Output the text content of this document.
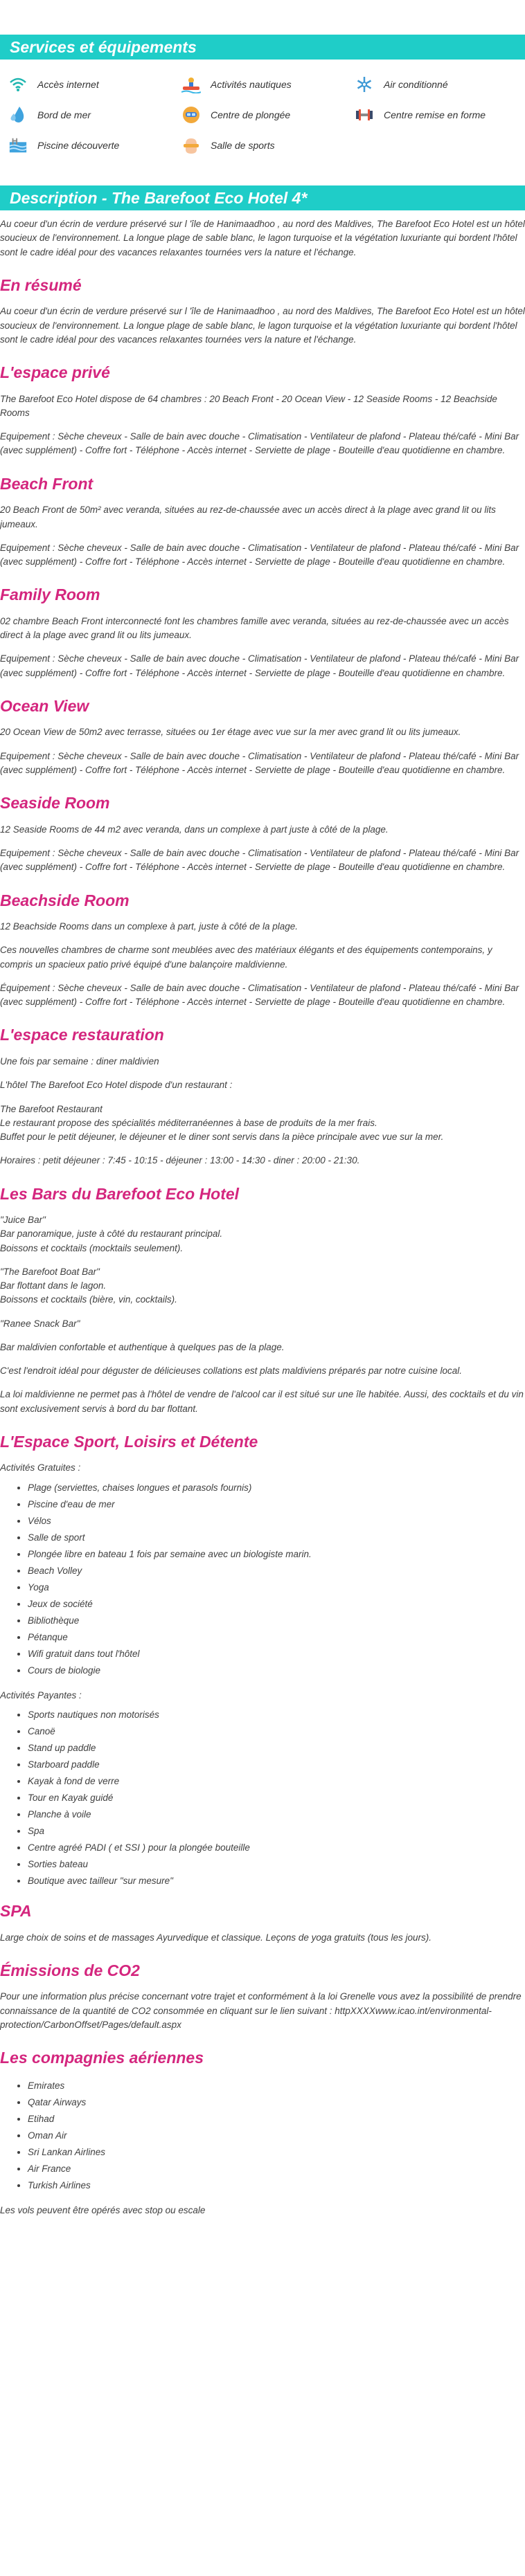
Services et équipements
Accès internet	Activités nautiques	Air conditionné
Bord de mer	Centre de plongée	Centre remise en forme
Piscine découverte	Salle de sports
Description - The Barefoot Eco Hotel 4*

Au coeur d'un écrin de verdure préservé sur l 'île de Hanimaadhoo , au nord des Maldives, The Barefoot Eco Hotel est un hôtel soucieux de l'environnement. La longue plage de sable blanc, le lagon turquoise et la végétation luxuriante qui bordent l'hôtel sont le cadre idéal pour des vacances relaxantes tournées vers la nature et l'échange.

En résumé

Au coeur d'un écrin de verdure préservé sur l 'île de Hanimaadhoo , au nord des Maldives, The Barefoot Eco Hotel est un hôtel soucieux de l'environnement. La longue plage de sable blanc, le lagon turquoise et la végétation luxuriante qui bordent l'hôtel sont le cadre idéal pour des vacances relaxantes tournées vers la nature et l'échange.

L'espace privé

The Barefoot Eco Hotel dispose de 64 chambres : 20 Beach Front - 20 Ocean View - 12 Seaside Rooms - 12 Beachside Rooms

Equipement : Sèche cheveux - Salle de bain avec douche - Climatisation - Ventilateur de plafond - Plateau thé/café - Mini Bar (avec supplément) - Coffre fort - Téléphone - Accès internet - Serviette de plage - Bouteille d'eau quotidienne en chambre.

Beach Front

20 Beach Front de 50m² avec veranda, situées au rez-de-chaussée avec un accès direct à la plage avec grand lit ou lits jumeaux.

Equipement : Sèche cheveux - Salle de bain avec douche - Climatisation - Ventilateur de plafond - Plateau thé/café - Mini Bar (avec supplément) - Coffre fort - Téléphone - Accès internet - Serviette de plage - Bouteille d'eau quotidienne en chambre.

Family Room

02 chambre Beach Front interconnecté font les chambres famille avec veranda, situées au rez-de-chaussée avec un accès direct à la plage avec grand lit ou lits jumeaux.

Equipement : Sèche cheveux - Salle de bain avec douche - Climatisation - Ventilateur de plafond - Plateau thé/café - Mini Bar (avec supplément) - Coffre fort - Téléphone - Accès internet - Serviette de plage - Bouteille d'eau quotidienne en chambre.

Ocean View

20 Ocean View de 50m2 avec terrasse, situées ou 1er étage avec vue sur la mer avec grand lit ou lits jumeaux.

Equipement : Sèche cheveux - Salle de bain avec douche - Climatisation - Ventilateur de plafond - Plateau thé/café - Mini Bar (avec supplément) - Coffre fort - Téléphone - Accès internet - Serviette de plage - Bouteille d'eau quotidienne en chambre.

Seaside Room

12 Seaside Rooms de 44 m2 avec veranda, dans un complexe à part juste à côté de la plage.

Equipement : Sèche cheveux - Salle de bain avec douche - Climatisation - Ventilateur de plafond - Plateau thé/café - Mini Bar (avec supplément) - Coffre fort - Téléphone - Accès internet - Serviette de plage - Bouteille d'eau quotidienne en chambre.

Beachside Room

12 Beachside Rooms dans un complexe à part, juste à côté de la plage.

Ces nouvelles chambres de charme sont meublées avec des matériaux élégants et des équipements contemporains, y compris un spacieux patio privé équipé d'une balançoire maldivienne.

Équipement : Sèche cheveux - Salle de bain avec douche - Climatisation - Ventilateur de plafond - Plateau thé/café - Mini Bar (avec supplément) - Coffre fort - Téléphone - Accès internet - Serviette de plage - Bouteille d'eau quotidienne en chambre.

L'espace restauration

Une fois par semaine : diner maldivien

L'hôtel The Barefoot Eco Hotel dispode d'un restaurant :

The Barefoot Restaurant
Le restaurant propose des spécialités méditerranéennes à base de produits de la mer frais.
Buffet pour le petit déjeuner, le déjeuner et le diner sont servis dans la pièce principale avec vue sur la mer.

Horaires : petit déjeuner : 7:45 - 10:15 - déjeuner : 13:00 - 14:30 - diner : 20:00 - 21:30.

Les Bars du Barefoot Eco Hotel

"Juice Bar"
Bar panoramique, juste à côté du restaurant principal.
Boissons et cocktails (mocktails seulement).

"The Barefoot Boat Bar"
Bar flottant dans le lagon.
Boissons et cocktails (bière, vin, cocktails).

"Ranee Snack Bar"

Bar maldivien confortable et authentique à quelques pas de la plage.

C'est l'endroit idéal pour déguster de délicieuses collations est plats maldiviens préparés par notre cuisine local.

La loi maldivienne ne permet pas à l'hôtel de vendre de l'alcool car il est situé sur une île habitée. Aussi, des cocktails et du vin sont exclusivement servis à bord du bar flottant.

L'Espace Sport, Loisirs et Détente

Activités Gratuites :

• Plage (serviettes, chaises longues et parasols fournis)
• Piscine d'eau de mer
• Vélos
• Salle de sport
• Plongée libre en bateau 1 fois par semaine avec un biologiste marin.
• Beach Volley
• Yoga
• Jeux de société
• Bibliothèque
• Pétanque
• Wifi gratuit dans tout l'hôtel
• Cours de biologie

Activités Payantes :

• Sports nautiques non motorisés
• Canoë
• Stand up paddle
• Starboard paddle
• Kayak à fond de verre
• Tour en Kayak guidé
• Planche à voile
• Spa
• Centre agréé PADI ( et SSI ) pour la plongée bouteille
• Sorties bateau
• Boutique avec tailleur "sur mesure"
SPA

Large choix de soins et de massages Ayurvedique et classique. Leçons de yoga gratuits (tous les jours).

Émissions de CO2

Pour une information plus précise concernant votre trajet et conformément à la loi Grenelle vous avez la possibilité de prendre connaissance de la quantité de CO2 consommée en cliquant sur le lien suivant : httpXXXXwww.icao.int/environmental-protection/CarbonOffset/Pages/default.aspx

Les compagnies aériennes
• Emirates
• Qatar Airways
• Etihad
• Oman Air
• Sri Lankan Airlines
• Air France
• Turkish Airlines

Les vols peuvent être opérés avec stop ou escale
